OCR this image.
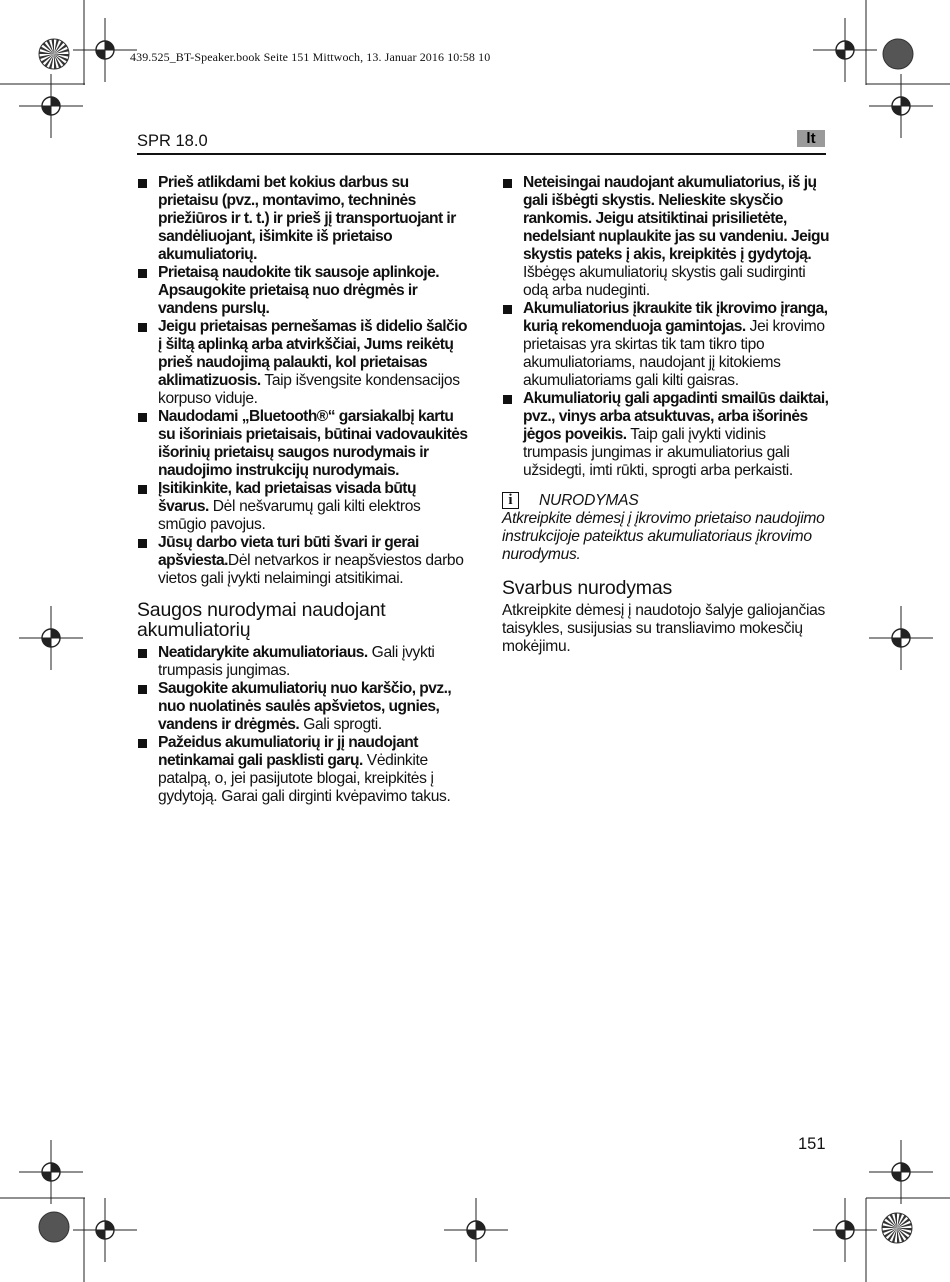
439.525_BT-Speaker.book Seite 151 Mittwoch, 13. Januar 2016 10:58 10
SPR 18.0	lt
Prieš atlikdami bet kokius darbus su prietaisu (pvz., montavimo, techninės priežiūros ir t. t.) ir prieš jį transportuojant ir sandėliuojant, išimkite iš prietaiso akumuliatorių.
Prietaisą naudokite tik sausoje aplinkoje. Apsaugokite prietaisą nuo drėgmės ir vandens purslų.
Jeigu prietaisas pernešamas iš didelio šalčio į šiltą aplinką arba atvirkščiai, Jums reikėtų prieš naudojimą palaukti, kol prietaisas aklimatizuosis. Taip išvengsite kondensacijos korpuso viduje.
Naudodami „Bluetooth®“ garsiakalbį kartu su išoriniais prietaisais, būtinai vadovaukitės išorinių prietaisų saugos nurodymais ir naudojimo instrukcijų nurodymais.
Įsitikinkite, kad prietaisas visada būtų švarus. Dėl nešvarumų gali kilti elektros smūgio pavojus.
Jūsų darbo vieta turi būti švari ir gerai apšviesta.Dėl netvarkos ir neapšviestos darbo vietos gali įvykti nelaimingi atsitikimai.
Saugos nurodymai naudojant akumuliatorių
Neatidarykite akumuliatoriaus. Gali įvykti trumpasis jungimas.
Saugokite akumuliatorių nuo karščio, pvz., nuo nuolatinės saulės apšvietos, ugnies, vandens ir drėgmės. Gali sprogti.
Pažeidus akumuliatorių ir jį naudojant netinkamai gali pasklisti garų. Vėdinkite patalpą, o, jei pasijutote blogai, kreipkitės į gydytoją. Garai gali dirginti kvėpavimo takus.
Neteisingai naudojant akumuliatorius, iš jų gali išbėgti skystis. Nelieskite skysčio rankomis. Jeigu atsitiktinai prisilietėte, nedelsiant nuplaukite jas su vandeniu. Jeigu skystis pateks į akis, kreipkitės į gydytoją. Išbėgęs akumuliatorių skystis gali sudirginti odą arba nudeginti.
Akumuliatorius įkraukite tik įkrovimo įranga, kurią rekomenduoja gamintojas. Jei krovimo prietaisas yra skirtas tik tam tikro tipo akumuliatoriams, naudojant jį kitokiems akumuliatoriams gali kilti gaisras.
Akumuliatorių gali apgadinti smailūs daiktai, pvz., vinys arba atsuktuvas, arba išorinės jėgos poveikis. Taip gali įvykti vidinis trumpasis jungimas ir akumuliatorius gali užsidegti, imti rūkti, sprogti arba perkaisti.
i	NURODYMAS
Atkreipkite dėmesį į įkrovimo prietaiso naudojimo instrukcijoje pateiktus akumuliatoriaus įkrovimo nurodymus.
Svarbus nurodymas
Atkreipkite dėmesį į naudotojo šalyje galiojančias taisykles, susijusias su transliavimo mokesčių mokėjimu.
151
